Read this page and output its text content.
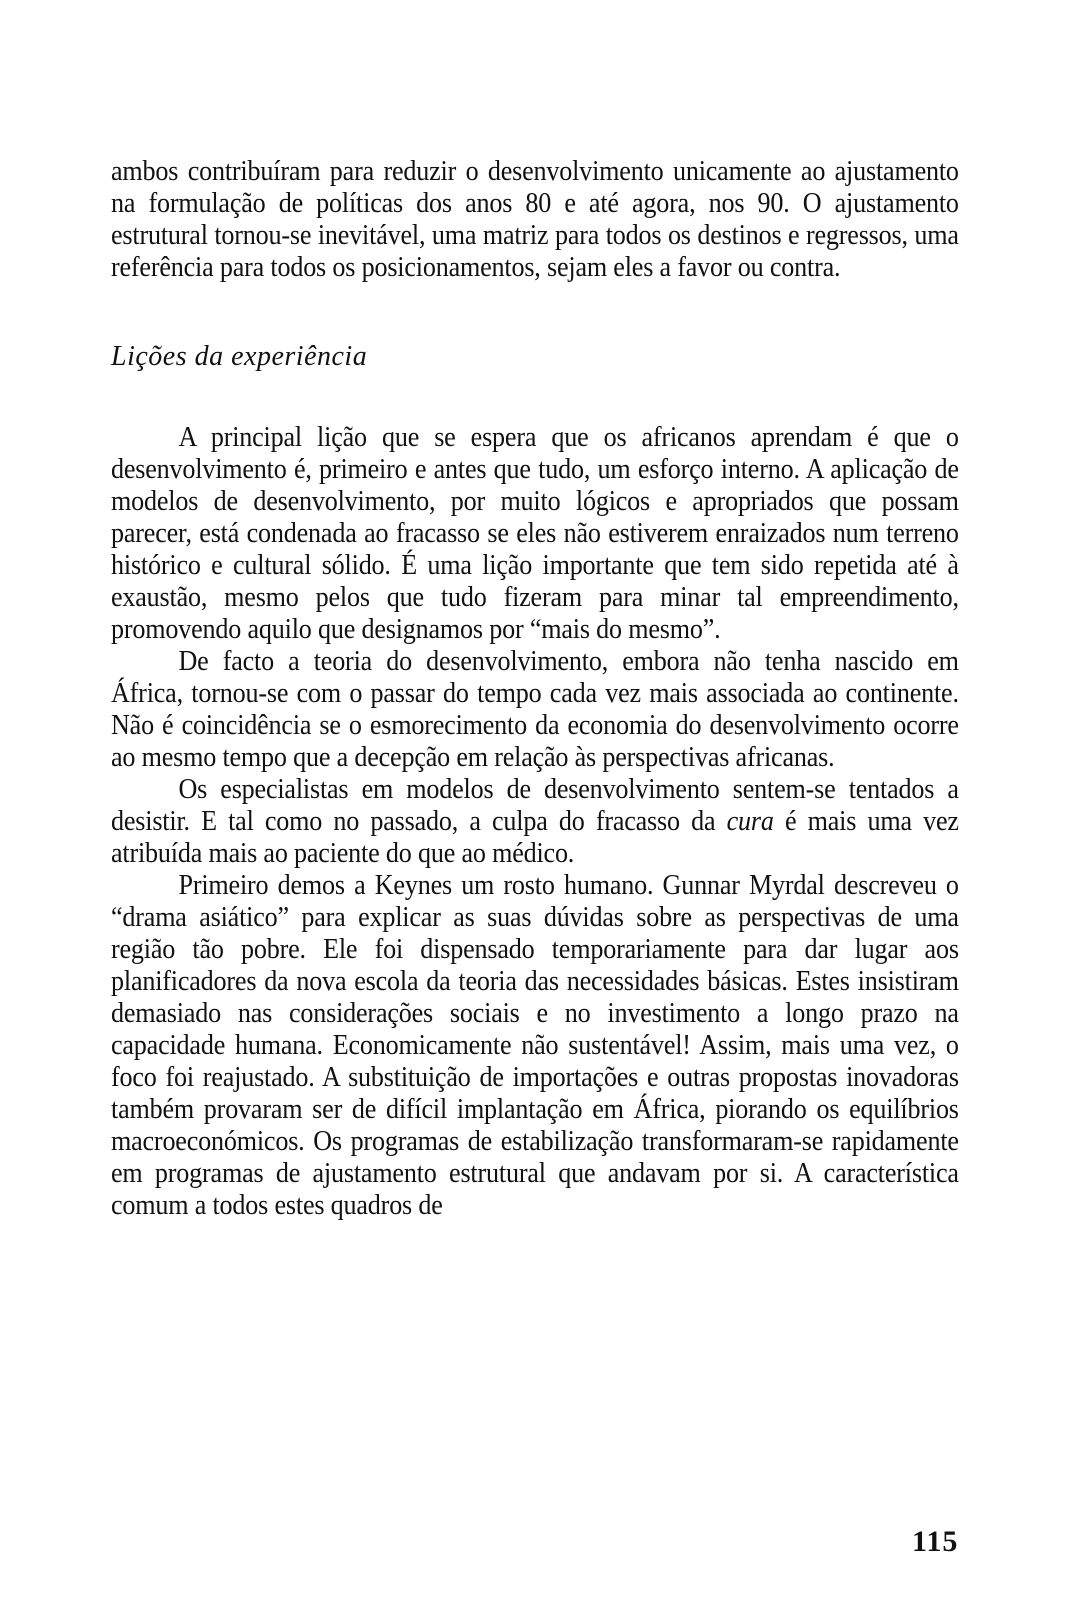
ambos contribuíram para reduzir o desenvolvimento unicamente ao ajustamento na formulação de políticas dos anos 80 e até agora, nos 90. O ajustamento estrutural tornou-se inevitável, uma matriz para todos os destinos e regressos, uma referência para todos os posicionamentos, sejam eles a favor ou contra.

Lições da experiência

A principal lição que se espera que os africanos aprendam é que o desenvolvimento é, primeiro e antes que tudo, um esforço interno. A aplicação de modelos de desenvolvimento, por muito lógicos e apropriados que possam parecer, está condenada ao fracasso se eles não estiverem enraizados num terreno histórico e cultural sólido. É uma lição importante que tem sido repetida até à exaustão, mesmo pelos que tudo fizeram para minar tal empreendimento, promovendo aquilo que designamos por “mais do mesmo”.

De facto a teoria do desenvolvimento, embora não tenha nascido em África, tornou-se com o passar do tempo cada vez mais associada ao continente. Não é coincidência se o esmorecimento da economia do desenvolvimento ocorre ao mesmo tempo que a decepção em relação às perspectivas africanas.

Os especialistas em modelos de desenvolvimento sentem-se tentados a desistir. E tal como no passado, a culpa do fracasso da cura é mais uma vez atribuída mais ao paciente do que ao médico.

Primeiro demos a Keynes um rosto humano. Gunnar Myrdal descreveu o “drama asiático” para explicar as suas dúvidas sobre as perspectivas de uma região tão pobre. Ele foi dispensado temporariamente para dar lugar aos planificadores da nova escola da teoria das necessidades básicas. Estes insistiram demasiado nas considerações sociais e no investimento a longo prazo na capacidade humana. Economicamente não sustentável! Assim, mais uma vez, o foco foi reajustado. A substituição de importações e outras propostas inovadoras também provaram ser de difícil implantação em África, piorando os equilíbrios macroeconómicos. Os programas de estabilização transformaram-se rapidamente em programas de ajustamento estrutural que andavam por si. A característica comum a todos estes quadros de

115
